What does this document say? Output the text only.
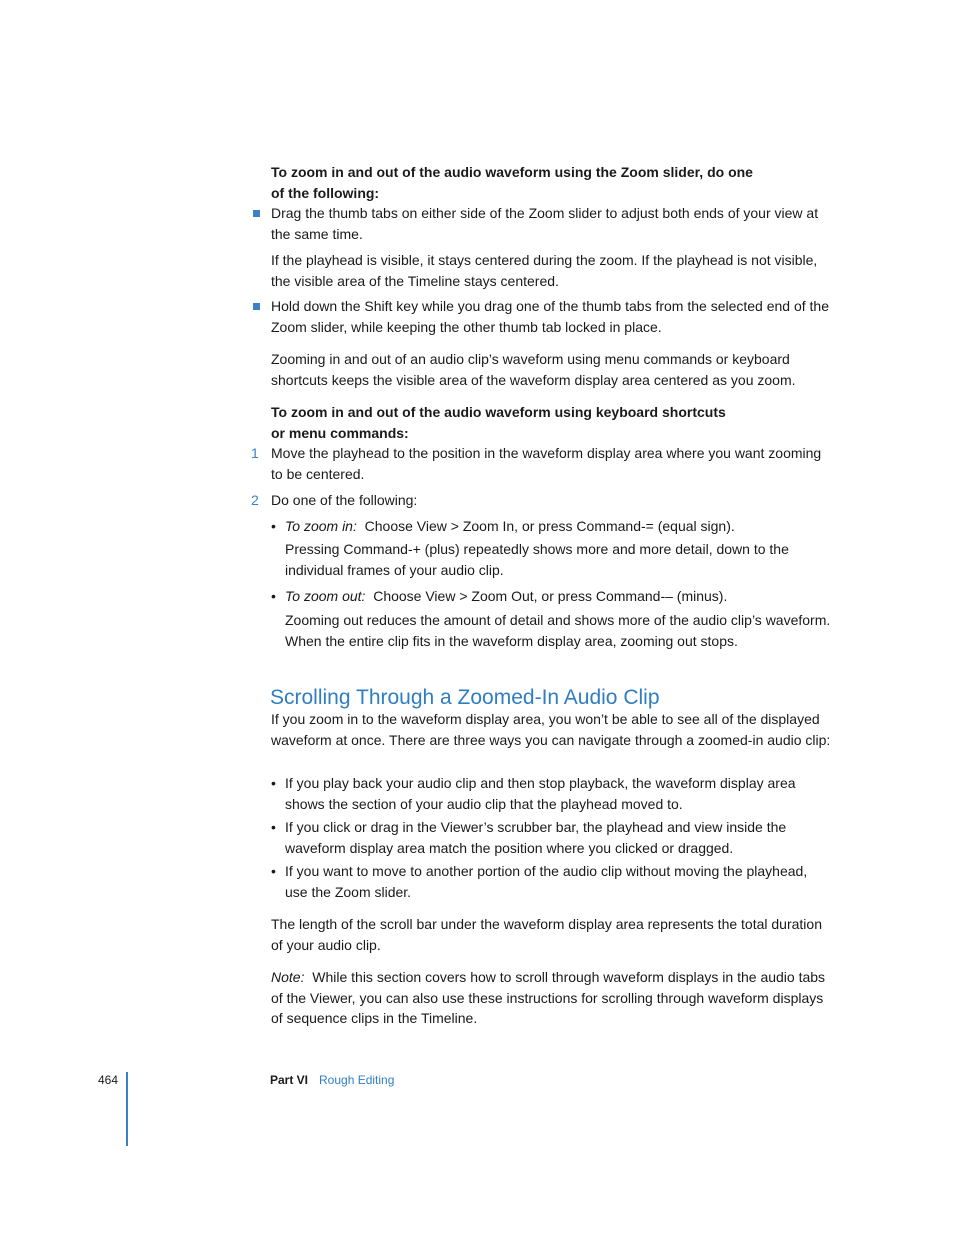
To zoom in and out of the audio waveform using the Zoom slider, do one
of the following:

Drag the thumb tabs on either side of the Zoom slider to adjust both ends of your view at the same time.

If the playhead is visible, it stays centered during the zoom. If the playhead is not visible, the visible area of the Timeline stays centered.

Hold down the Shift key while you drag one of the thumb tabs from the selected end of the Zoom slider, while keeping the other thumb tab locked in place.

Zooming in and out of an audio clip’s waveform using menu commands or keyboard shortcuts keeps the visible area of the waveform display area centered as you zoom.

To zoom in and out of the audio waveform using keyboard shortcuts
or menu commands:

1 Move the playhead to the position in the waveform display area where you want zooming to be centered.

2 Do one of the following:

• To zoom in: Choose View > Zoom In, or press Command-= (equal sign).

Pressing Command-+ (plus) repeatedly shows more and more detail, down to the individual frames of your audio clip.

• To zoom out: Choose View > Zoom Out, or press Command-– (minus).

Zooming out reduces the amount of detail and shows more of the audio clip’s waveform. When the entire clip fits in the waveform display area, zooming out stops.

Scrolling Through a Zoomed-In Audio Clip

If you zoom in to the waveform display area, you won’t be able to see all of the displayed waveform at once. There are three ways you can navigate through a zoomed-in audio clip:

• If you play back your audio clip and then stop playback, the waveform display area shows the section of your audio clip that the playhead moved to.

• If you click or drag in the Viewer’s scrubber bar, the playhead and view inside the waveform display area match the position where you clicked or dragged.

• If you want to move to another portion of the audio clip without moving the playhead, use the Zoom slider.

The length of the scroll bar under the waveform display area represents the total duration of your audio clip.

Note: While this section covers how to scroll through waveform displays in the audio tabs of the Viewer, you can also use these instructions for scrolling through waveform displays of sequence clips in the Timeline.

464	Part VI Rough Editing
